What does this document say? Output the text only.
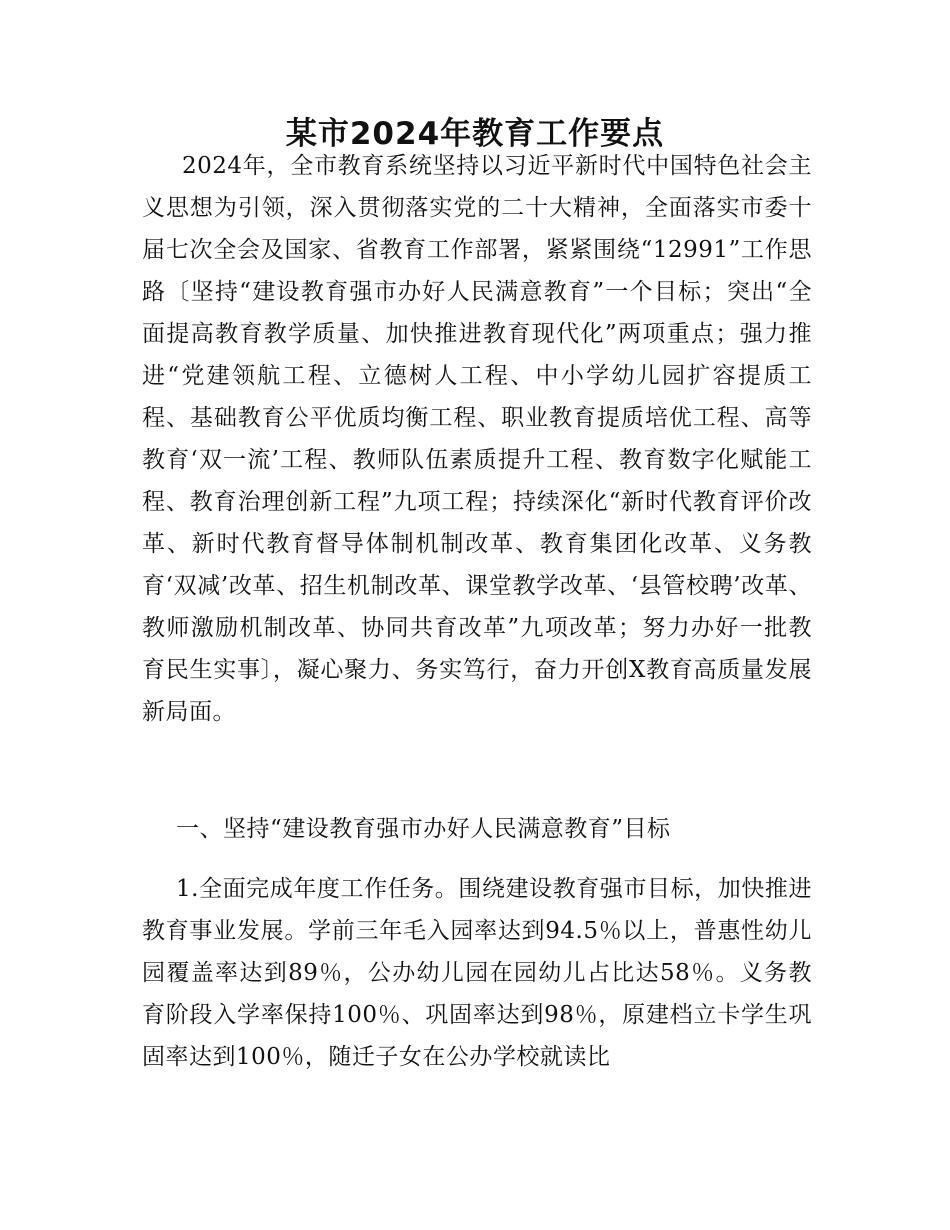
某市2024年教育工作要点

2024年，全市教育系统坚持以习近平新时代中国特色社会主义思想为引领，深入贯彻落实党的二十大精神，全面落实市委十届七次全会及国家、省教育工作部署，紧紧围绕“12991”工作思路〔坚持“建设教育强市办好人民满意教育”一个目标；突出“全面提高教育教学质量、加快推进教育现代化”两项重点；强力推进“党建领航工程、立德树人工程、中小学幼儿园扩容提质工程、基础教育公平优质均衡工程、职业教育提质培优工程、高等教育‘双一流’工程、教师队伍素质提升工程、教育数字化赋能工程、教育治理创新工程”九项工程；持续深化“新时代教育评价改革、新时代教育督导体制机制改革、教育集团化改革、义务教育‘双减’改革、招生机制改革、课堂教学改革、‘县管校聘’改革、教师激励机制改革、协同共育改革”九项改革；努力办好一批教育民生实事〕，凝心聚力、务实笃行，奋力开创X教育高质量发展新局面。

一、坚持“建设教育强市办好人民满意教育”目标

1.全面完成年度工作任务。围绕建设教育强市目标，加快推进教育事业发展。学前三年毛入园率达到94.5％以上，普惠性幼儿园覆盖率达到89％，公办幼儿园在园幼儿占比达58％。义务教育阶段入学率保持100％、巩固率达到98％，原建档立卡学生巩固率达到100％，随迁子女在公办学校就读比
